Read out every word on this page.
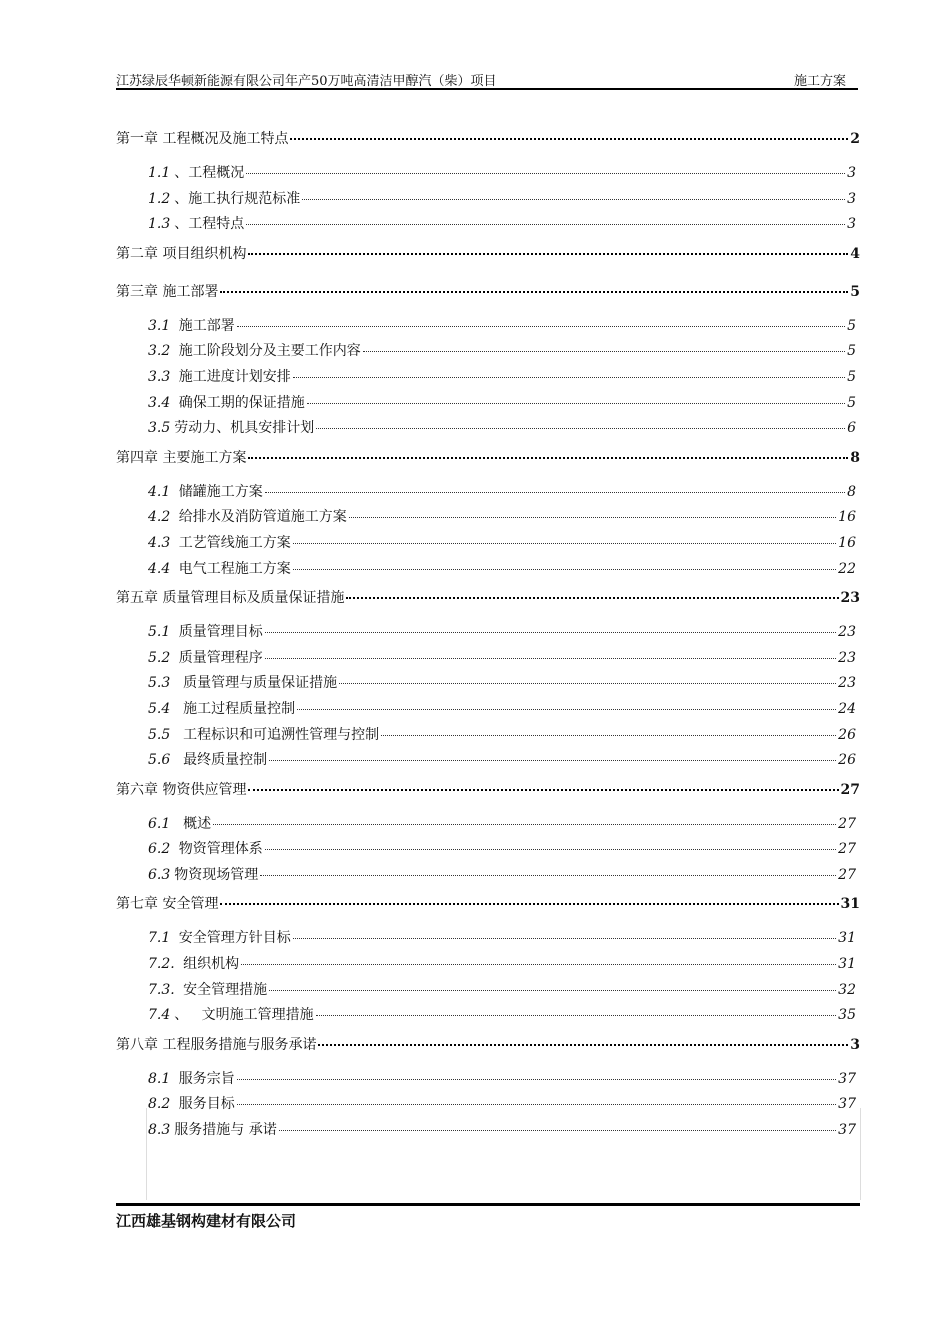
江苏绿辰华顿新能源有限公司年产50万吨高清洁甲醇汽（柴）项目	施工方案
第一章 工程概况及施工特点	2
1.1 、工程概况	3
1.2 、施工执行规范标准	3
1.3 、工程特点	3
第二章 项目组织机构	4
第三章 施工部署	5
3.1 施工部署	5
3.2 施工阶段划分及主要工作内容	5
3.3 施工进度计划安排	5
3.4 确保工期的保证措施	5
3.5 劳动力、机具安排计划	6
第四章 主要施工方案	8
4.1 储罐施工方案	8
4.2 给排水及消防管道施工方案	16
4.3 工艺管线施工方案	16
4.4 电气工程施工方案	22
第五章 质量管理目标及质量保证措施	23
5.1 质量管理目标	23
5.2 质量管理程序	23
5.3 质量管理与质量保证措施	23
5.4 施工过程质量控制	24
5.5 工程标识和可追溯性管理与控制	26
5.6 最终质量控制	26
第六章 物资供应管理	27
6.1 概述	27
6.2 物资管理体系	27
6.3 物资现场管理	27
第七章 安全管理	31
7.1 安全管理方针目标	31
7.2. 组织机构	31
7.3. 安全管理措施	32
7.4 、   文明施工管理措施	35
第八章 工程服务措施与服务承诺	3
8.1 服务宗旨	37
8.2 服务目标	37
8.3 服务措施与 承诺	37
江西雄基钢构建材有限公司
